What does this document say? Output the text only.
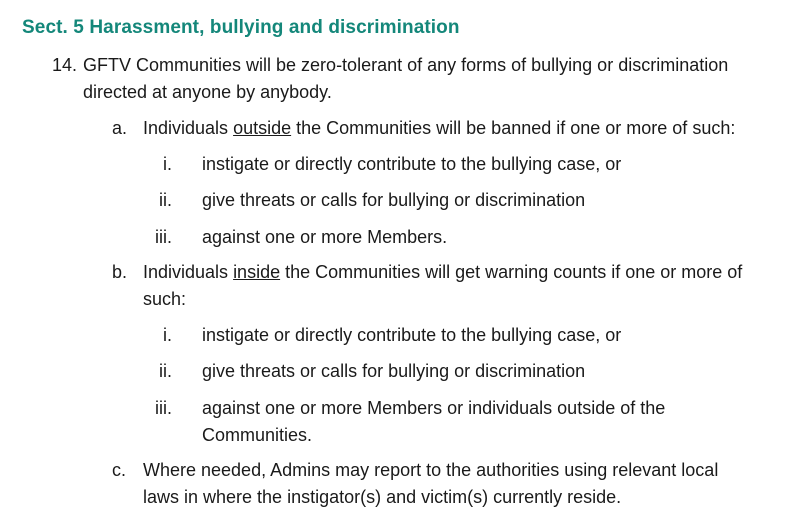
Sect. 5 Harassment, bullying and discrimination
14. GFTV Communities will be zero-tolerant of any forms of bullying or discrimination
directed at anyone by anybody.
a. Individuals outside the Communities will be banned if one or more of such:
i. instigate or directly contribute to the bullying case, or
ii. give threats or calls for bullying or discrimination
iii. against one or more Members.
b. Individuals inside the Communities will get warning counts if one or more of
such:
i. instigate or directly contribute to the bullying case, or
ii. give threats or calls for bullying or discrimination
iii. against one or more Members or individuals outside of the
Communities.
c. Where needed, Admins may report to the authorities using relevant local
laws in where the instigator(s) and victim(s) currently reside.
